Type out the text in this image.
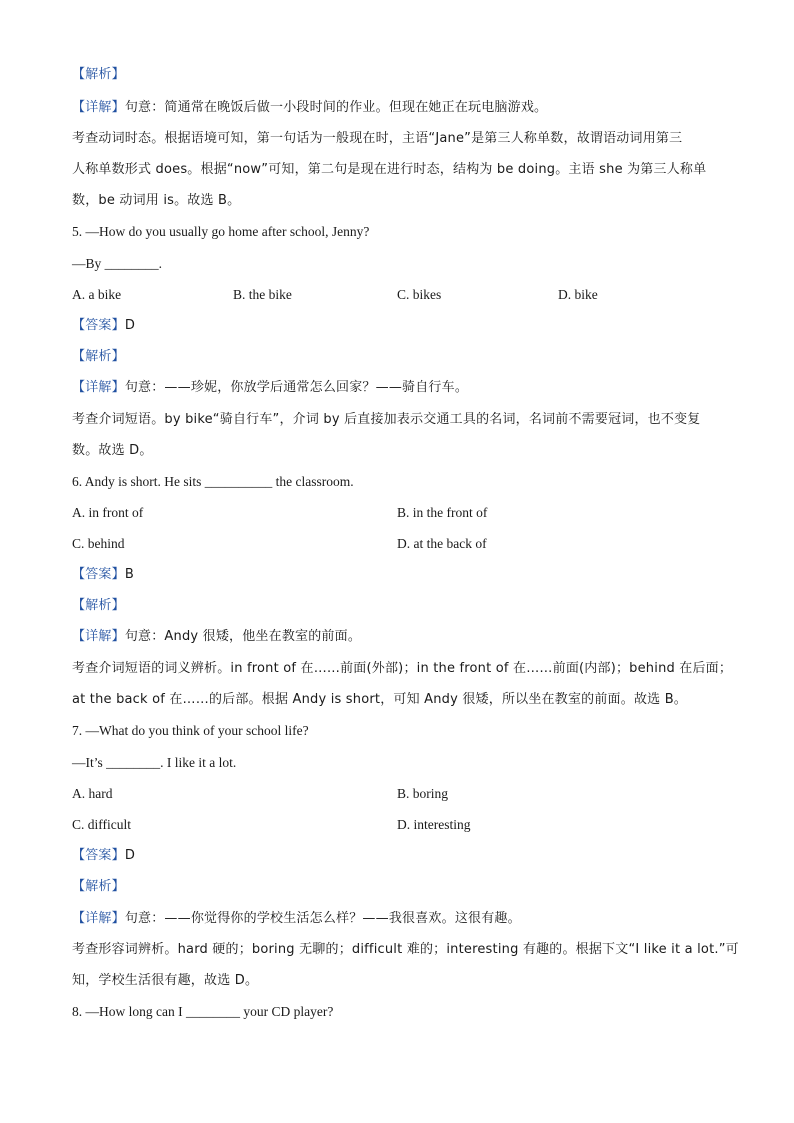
【解析】
【详解】句意：简通常在晚饭后做一小段时间的作业。但现在她正在玩电脑游戏。
考查动词时态。根据语境可知，第一句话为一般现在时，主语“Jane”是第三人称单数，故谓语动词用第三
人称单数形式 does。根据“now”可知，第二句是现在进行时态，结构为 be doing。主语 she 为第三人称单
数，be 动词用 is。故选 B。
5. —How do you usually go home after school, Jenny?
—By ________.
A. a bike	B. the bike	C. bikes	D. bike
【答案】D
【解析】
【详解】句意：——珍妮，你放学后通常怎么回家？——骑自行车。
考查介词短语。by bike“骑自行车”，介词 by 后直接加表示交通工具的名词，名词前不需要冠词，也不变复
数。故选 D。
6. Andy is short. He sits __________ the classroom.
A. in front of	B. in the front of
C. behind	D. at the back of
【答案】B
【解析】
【详解】句意：Andy 很矮，他坐在教室的前面。
考查介词短语的词义辨析。in front of 在……前面(外部)；in the front of 在……前面(内部)；behind 在后面；
at the back of 在……的后部。根据 Andy is short，可知 Andy 很矮，所以坐在教室的前面。故选 B。
7. —What do you think of your school life?
—It’s ________. I like it a lot.
A. hard	B. boring
C. difficult	D. interesting
【答案】D
【解析】
【详解】句意：——你觉得你的学校生活怎么样？——我很喜欢。这很有趣。
考查形容词辨析。hard 硬的；boring 无聊的；difficult 难的；interesting 有趣的。根据下文“I like it a lot.”可
知，学校生活很有趣，故选 D。
8. —How long can I ________ your CD player?
